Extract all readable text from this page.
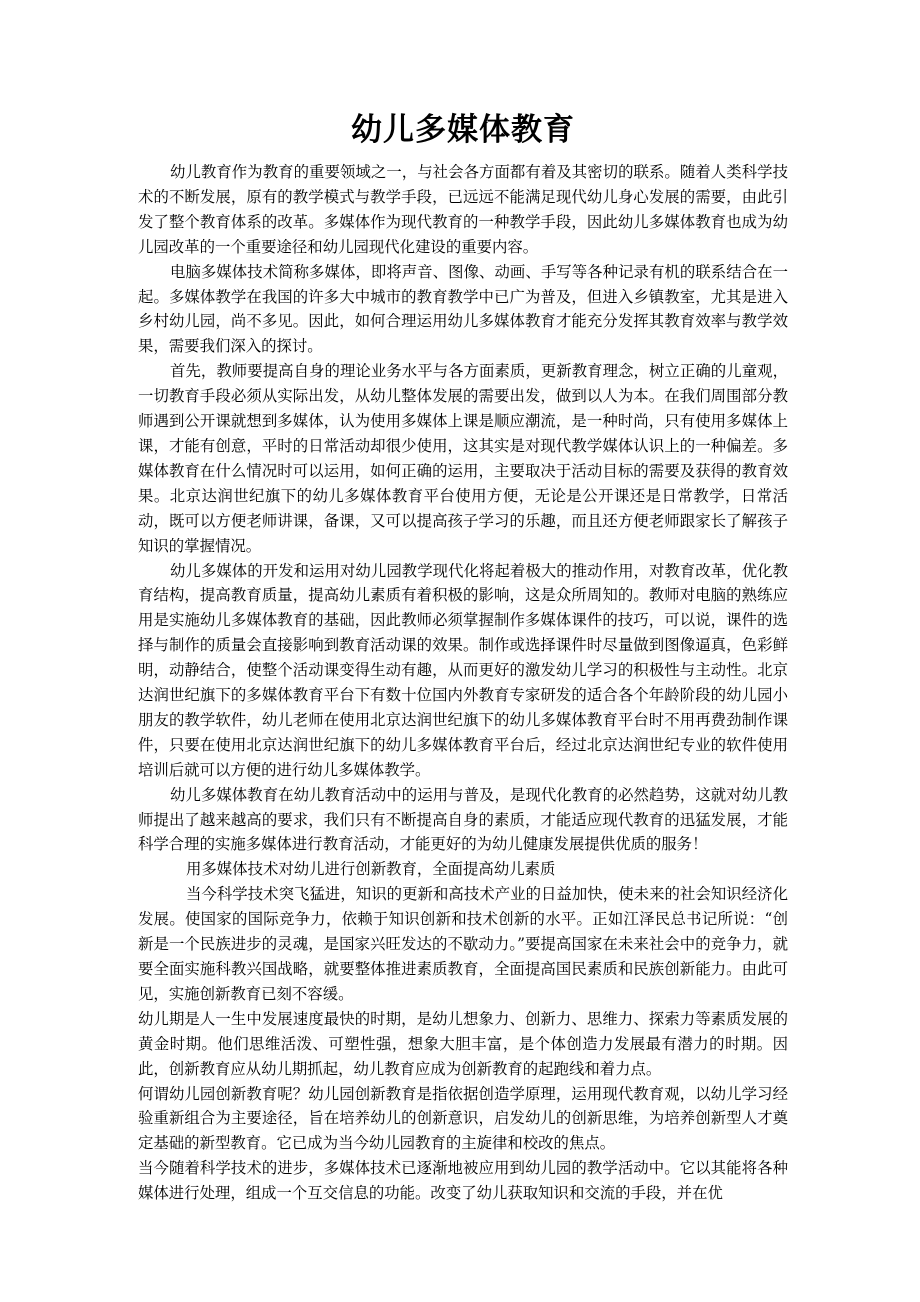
幼儿多媒体教育

幼儿教育作为教育的重要领域之一，与社会各方面都有着及其密切的联系。随着人类科学技术的不断发展，原有的教学模式与教学手段，已远远不能满足现代幼儿身心发展的需要，由此引发了整个教育体系的改革。多媒体作为现代教育的一种教学手段，因此幼儿多媒体教育也成为幼儿园改革的一个重要途径和幼儿园现代化建设的重要内容。

电脑多媒体技术简称多媒体，即将声音、图像、动画、手写等各种记录有机的联系结合在一起。多媒体教学在我国的许多大中城市的教育教学中已广为普及，但进入乡镇教室，尤其是进入乡村幼儿园，尚不多见。因此，如何合理运用幼儿多媒体教育才能充分发挥其教育效率与教学效果，需要我们深入的探讨。

首先，教师要提高自身的理论业务水平与各方面素质，更新教育理念，树立正确的儿童观，一切教育手段必须从实际出发，从幼儿整体发展的需要出发，做到以人为本。在我们周围部分教师遇到公开课就想到多媒体，认为使用多媒体上课是顺应潮流，是一种时尚，只有使用多媒体上课，才能有创意，平时的日常活动却很少使用，这其实是对现代教学媒体认识上的一种偏差。多媒体教育在什么情况时可以运用，如何正确的运用，主要取决于活动目标的需要及获得的教育效果。北京达润世纪旗下的幼儿多媒体教育平台使用方便，无论是公开课还是日常教学，日常活动，既可以方便老师讲课，备课，又可以提高孩子学习的乐趣，而且还方便老师跟家长了解孩子知识的掌握情况。

幼儿多媒体的开发和运用对幼儿园教学现代化将起着极大的推动作用，对教育改革，优化教育结构，提高教育质量，提高幼儿素质有着积极的影响，这是众所周知的。教师对电脑的熟练应用是实施幼儿多媒体教育的基础，因此教师必须掌握制作多媒体课件的技巧，可以说，课件的选择与制作的质量会直接影响到教育活动课的效果。制作或选择课件时尽量做到图像逼真，色彩鲜明，动静结合，使整个活动课变得生动有趣，从而更好的激发幼儿学习的积极性与主动性。北京达润世纪旗下的多媒体教育平台下有数十位国内外教育专家研发的适合各个年龄阶段的幼儿园小朋友的教学软件，幼儿老师在使用北京达润世纪旗下的幼儿多媒体教育平台时不用再费劲制作课件，只要在使用北京达润世纪旗下的幼儿多媒体教育平台后，经过北京达润世纪专业的软件使用培训后就可以方便的进行幼儿多媒体教学。

幼儿多媒体教育在幼儿教育活动中的运用与普及，是现代化教育的必然趋势，这就对幼儿教师提出了越来越高的要求，我们只有不断提高自身的素质，才能适应现代教育的迅猛发展，才能科学合理的实施多媒体进行教育活动，才能更好的为幼儿健康发展提供优质的服务！

用多媒体技术对幼儿进行创新教育，全面提高幼儿素质

当今科学技术突飞猛进，知识的更新和高技术产业的日益加快，使未来的社会知识经济化发展。使国家的国际竞争力，依赖于知识创新和技术创新的水平。正如江泽民总书记所说：“创新是一个民族进步的灵魂，是国家兴旺发达的不歇动力。”要提高国家在未来社会中的竞争力，就要全面实施科教兴国战略，就要整体推进素质教育，全面提高国民素质和民族创新能力。由此可见，实施创新教育已刻不容缓。

幼儿期是人一生中发展速度最快的时期，是幼儿想象力、创新力、思维力、探索力等素质发展的黄金时期。他们思维活泼、可塑性强，想象大胆丰富，是个体创造力发展最有潜力的时期。因此，创新教育应从幼儿期抓起，幼儿教育应成为创新教育的起跑线和着力点。

何谓幼儿园创新教育呢？幼儿园创新教育是指依据创造学原理，运用现代教育观，以幼儿学习经验重新组合为主要途径，旨在培养幼儿的创新意识，启发幼儿的创新思维，为培养创新型人才奠定基础的新型教育。它已成为当今幼儿园教育的主旋律和校改的焦点。

当今随着科学技术的进步，多媒体技术已逐渐地被应用到幼儿园的教学活动中。它以其能将各种媒体进行处理，组成一个互交信息的功能。改变了幼儿获取知识和交流的手段，并在优
